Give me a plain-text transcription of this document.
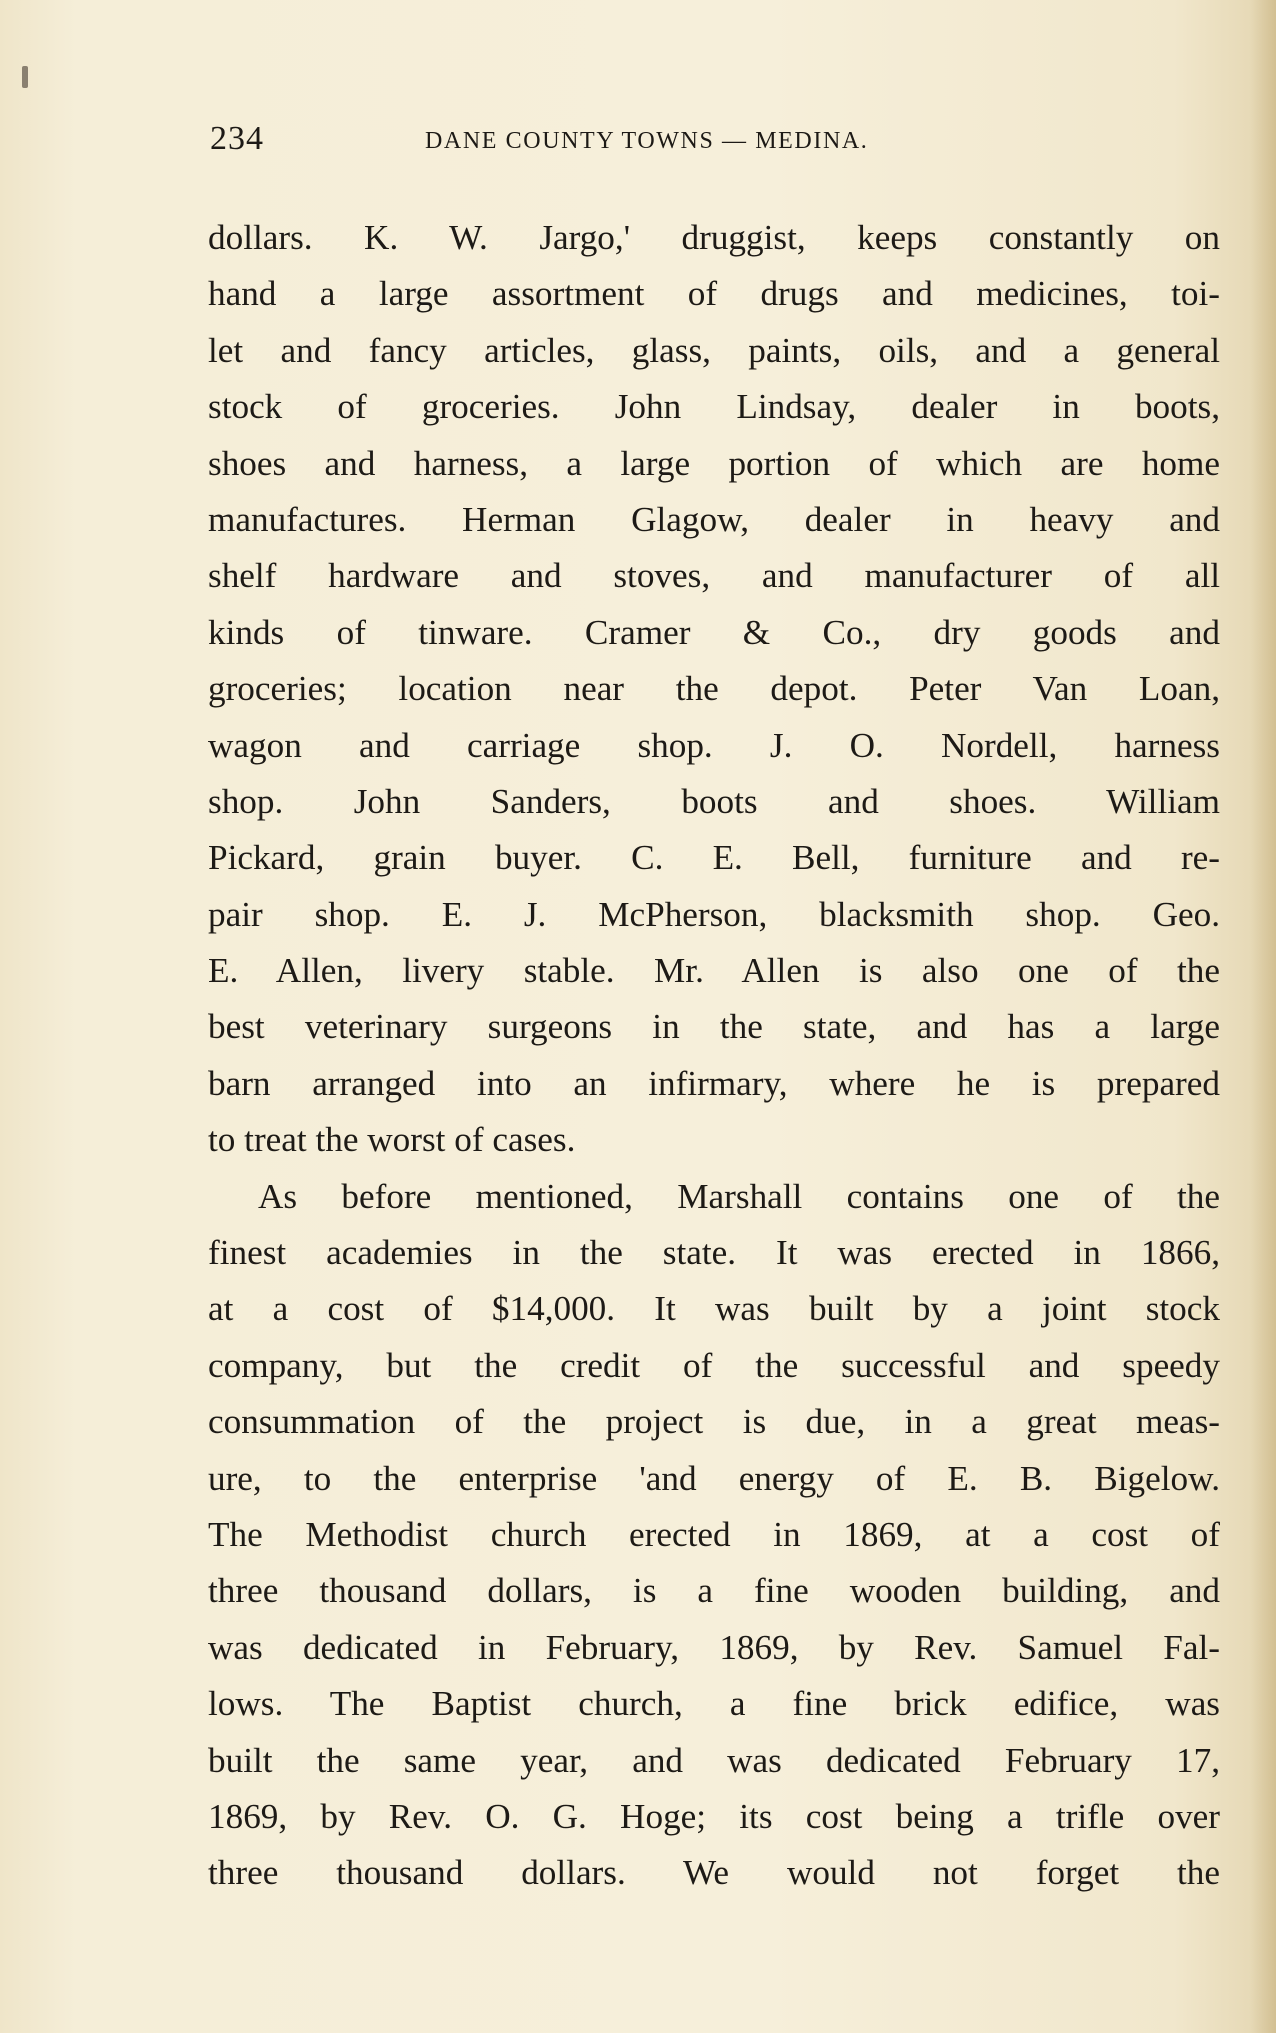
234	DANE COUNTY TOWNS — MEDINA.
dollars. K. W. Jargo,' druggist, keeps constantly on
hand a large assortment of drugs and medicines, toi-
let and fancy articles, glass, paints, oils, and a general
stock of groceries. John Lindsay, dealer in boots,
shoes and harness, a large portion of which are home
manufactures. Herman Glagow, dealer in heavy and
shelf hardware and stoves, and manufacturer of all
kinds of tinware. Cramer & Co., dry goods and
groceries; location near the depot. Peter Van Loan,
wagon and carriage shop. J. O. Nordell, harness
shop. John Sanders, boots and shoes. William
Pickard, grain buyer. C. E. Bell, furniture and re-
pair shop. E. J. McPherson, blacksmith shop. Geo.
E. Allen, livery stable. Mr. Allen is also one of the
best veterinary surgeons in the state, and has a large
barn arranged into an infirmary, where he is prepared
to treat the worst of cases.
As before mentioned, Marshall contains one of the
finest academies in the state. It was erected in 1866,
at a cost of $14,000. It was built by a joint stock
company, but the credit of the successful and speedy
consummation of the project is due, in a great meas-
ure, to the enterprise 'and energy of E. B. Bigelow.
The Methodist church erected in 1869, at a cost of
three thousand dollars, is a fine wooden building, and
was dedicated in February, 1869, by Rev. Samuel Fal-
lows. The Baptist church, a fine brick edifice, was
built the same year, and was dedicated February 17,
1869, by Rev. O. G. Hoge; its cost being a trifle over
three thousand dollars. We would not forget the
